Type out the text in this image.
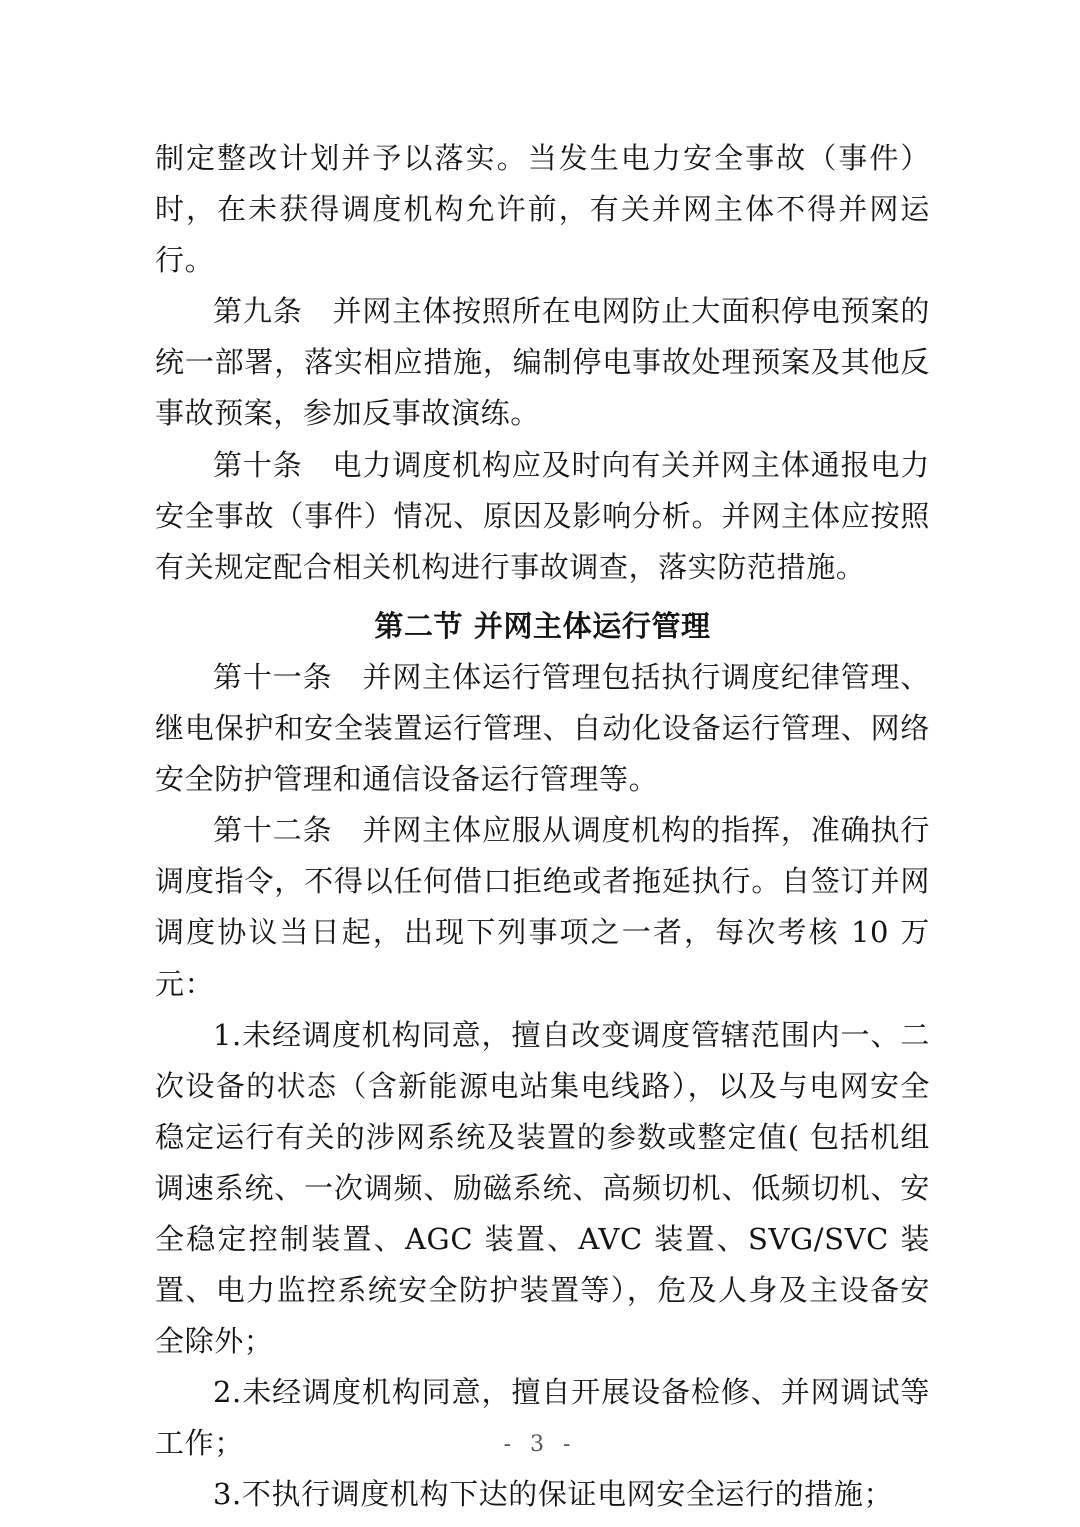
制定整改计划并予以落实。当发生电力安全事故（事件）时，在未获得调度机构允许前，有关并网主体不得并网运行。

第九条　并网主体按照所在电网防止大面积停电预案的统一部署，落实相应措施，编制停电事故处理预案及其他反事故预案，参加反事故演练。

第十条　电力调度机构应及时向有关并网主体通报电力安全事故（事件）情况、原因及影响分析。并网主体应按照有关规定配合相关机构进行事故调查，落实防范措施。

第二节 并网主体运行管理

第十一条　并网主体运行管理包括执行调度纪律管理、继电保护和安全装置运行管理、自动化设备运行管理、网络安全防护管理和通信设备运行管理等。

第十二条　并网主体应服从调度机构的指挥，准确执行调度指令，不得以任何借口拒绝或者拖延执行。自签订并网调度协议当日起，出现下列事项之一者，每次考核 10 万元：

1.未经调度机构同意，擅自改变调度管辖范围内一、二次设备的状态（含新能源电站集电线路），以及与电网安全稳定运行有关的涉网系统及装置的参数或整定值( 包括机组调速系统、一次调频、励磁系统、高频切机、低频切机、安全稳定控制装置、AGC 装置、AVC 装置、SVG/SVC 装置、电力监控系统安全防护装置等），危及人身及主设备安全除外；

2.未经调度机构同意，擅自开展设备检修、并网调试等工作；

3.不执行调度机构下达的保证电网安全运行的措施；

- 3 -
